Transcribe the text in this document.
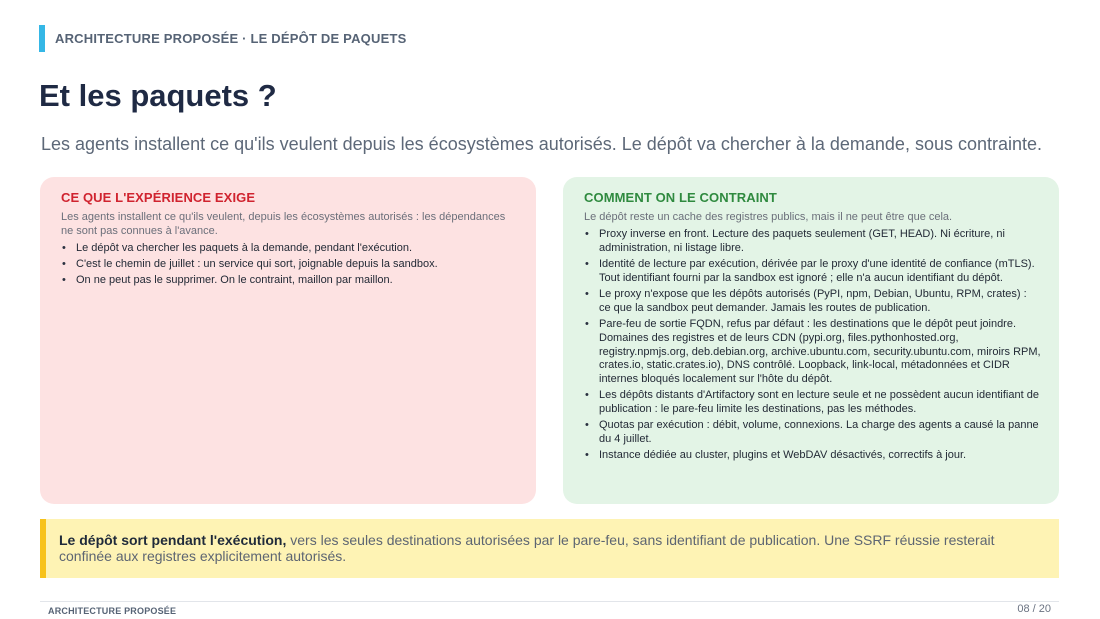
ARCHITECTURE PROPOSÉE · LE DÉPÔT DE PAQUETS
Et les paquets ?

Les agents installent ce qu'ils veulent depuis les écosystèmes autorisés. Le dépôt va chercher à la demande, sous contrainte.

CE QUE L'EXPÉRIENCE EXIGE

Les agents installent ce qu'ils veulent, depuis les écosystèmes autorisés : les dépendances ne sont pas connues à l'avance.

• Le dépôt va chercher les paquets à la demande, pendant l'exécution.
• C'est le chemin de juillet : un service qui sort, joignable depuis la sandbox.
• On ne peut pas le supprimer. On le contraint, maillon par maillon.
COMMENT ON LE CONTRAINT

Le dépôt reste un cache des registres publics, mais il ne peut être que cela.

• Proxy inverse en front. Lecture des paquets seulement (GET, HEAD). Ni écriture, ni administration, ni listage libre.
• Identité de lecture par exécution, dérivée par le proxy d'une identité de confiance (mTLS). Tout identifiant fourni par la sandbox est ignoré ; elle n'a aucun identifiant du dépôt.
• Le proxy n'expose que les dépôts autorisés (PyPI, npm, Debian, Ubuntu, RPM, crates) : ce que la sandbox peut demander. Jamais les routes de publication.
• Pare-feu de sortie FQDN, refus par défaut : les destinations que le dépôt peut joindre. Domaines des registres et de leurs CDN (pypi.org, files.pythonhosted.org, registry.npmjs.org, deb.debian.org, archive.ubuntu.com, security.ubuntu.com, miroirs RPM, crates.io, static.crates.io), DNS contrôlé. Loopback, link-local, métadonnées et CIDR internes bloqués localement sur l'hôte du dépôt.
• Les dépôts distants d'Artifactory sont en lecture seule et ne possèdent aucun identifiant de publication : le pare-feu limite les destinations, pas les méthodes.
• Quotas par exécution : débit, volume, connexions. La charge des agents a causé la panne du 4 juillet.
• Instance dédiée au cluster, plugins et WebDAV désactivés, correctifs à jour.
Le dépôt sort pendant l'exécution, vers les seules destinations autorisées par le pare-feu, sans identifiant de publication. Une SSRF réussie resterait confinée aux registres explicitement autorisés.
ARCHITECTURE PROPOSÉE	08 / 20
